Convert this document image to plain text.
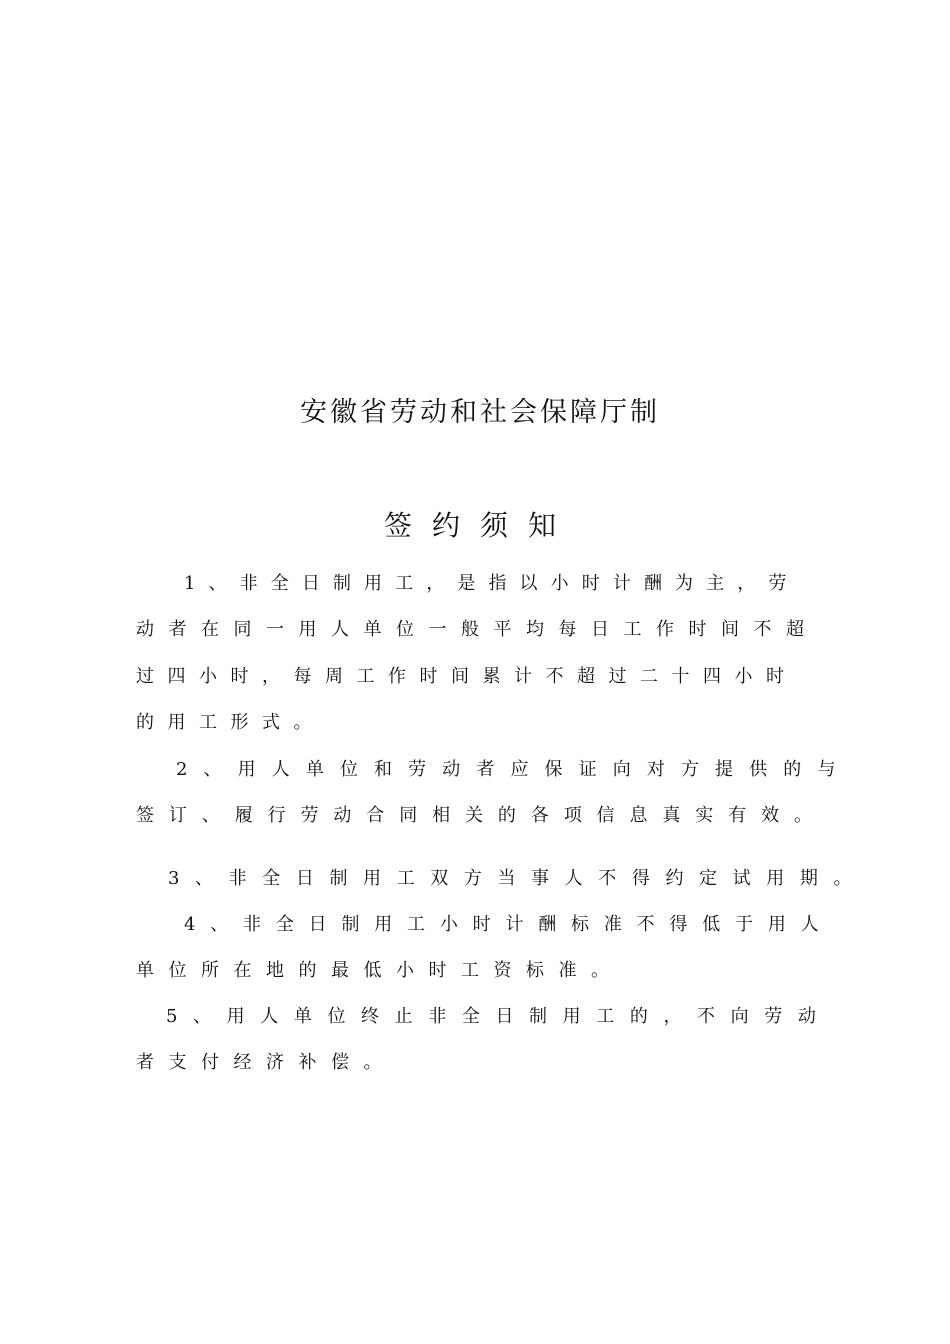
安徽省劳动和社会保障厅制
签约须知
1、非全日制用工，是指以小时计酬为主，劳
动者在同一用人单位一般平均每日工作时间不超
过四小时，每周工作时间累计不超过二十四小时
的用工形式。
2、用人单位和劳动者应保证向对方提供的与
签订、履行劳动合同相关的各项信息真实有效。
3、非全日制用工双方当事人不得约定试用期。
4、非全日制用工小时计酬标准不得低于用人
单位所在地的最低小时工资标准。
5、用人单位终止非全日制用工的，不向劳动
者支付经济补偿。
